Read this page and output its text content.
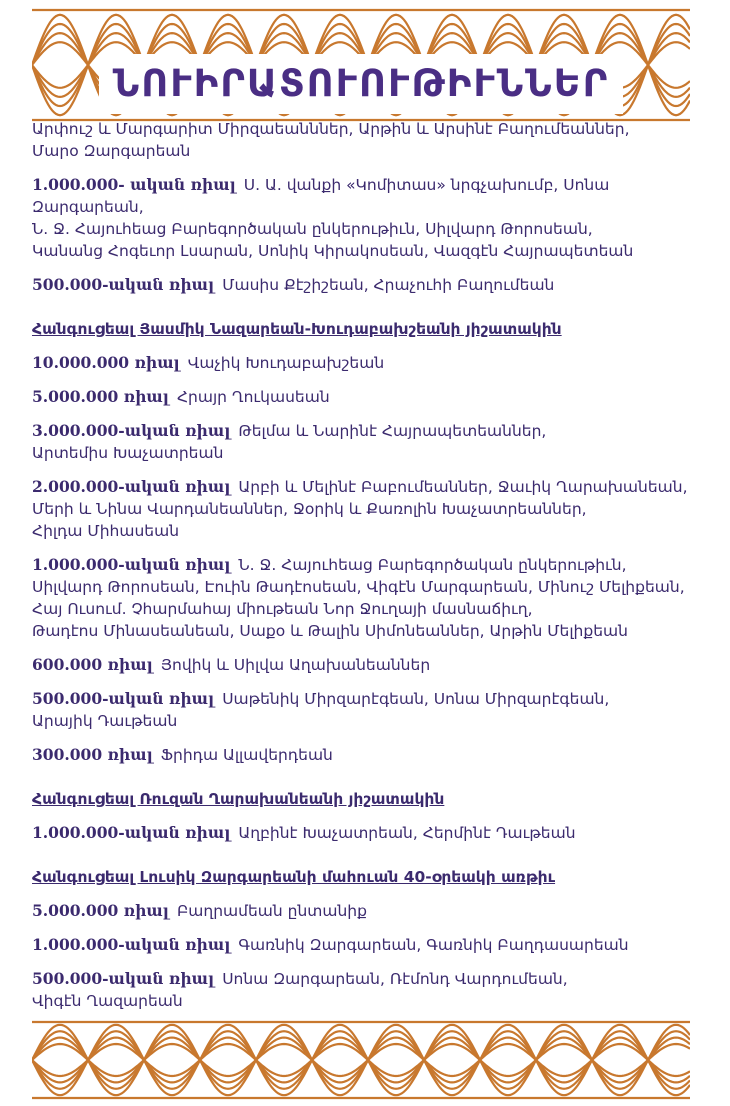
ՆՈՒԻՐԱՏՈՒՈՒԹԻՒՆՆԵՐ

Արփուշ և Մարգարիտ Միրզաեանններ, Արթին և Արսինէ Բաղումեաններ,
Մարօ Զարգարեան

1.000.000- ական ռիալ Ս. Ա. վանքի «Կոմիտաս» նրգչախումբ, Սոնա Զարգարեան,
Ն. Ջ. Հայուհեաց Բարեգործական ընկերութիւն, Սիլվարդ Թորոսեան,
Կանանց Հոգեւոր Լսարան, Սոնիկ Կիրակոսեան, Վազգէն Հայրապետեան

500.000-ական ռիալ Մասիս Քէշիշեան, Հրաչուհի Բաղումեան

Հանգուցեալ Յասմիկ Նազարեան-Խուդաբախշեանի յիշատակին

10.000.000 ռիալ Վաչիկ Խուդաբախշեան

5.000.000 ռիալ Հրայր Ղուկասեան

3.000.000-ական ռիալ Թելմա և Նարինէ Հայրապետեաններ,
Արտեմիս Խաչատրեան

2.000.000-ական ռիալ Արբի և Մելինէ Բաբումեաններ, Ջաւիկ Ղարախանեան,
Մերի և Նինա Վարդանեաններ, Ջօրիկ և Քառոլին Խաչատրեաններ,
Հիլդա Միհասեան

1.000.000-ական ռիալ Ն. Ջ. Հայուհեաց Բարեգործական ընկերութիւն,
Սիլվարդ Թորոսեան, Էուին Թադէոսեան, Վիգէն Մարգարեան, Մինուշ Մելիքեան,
Հայ Ուսում. Չհարմահայ միութեան Նոր Ջուղայի մասնաճիւղ,
Թադէոս Մինասեանեան, Սաքօ և Թալին Սիմոնեաններ, Արթին Մելիքեան

600.000 ռիալ Յովիկ և Սիլվա Աղախանեաններ

500.000-ական ռիալ Սաթենիկ Միրզարէգեան, Սոնա Միրզարէգեան,
Արայիկ Դաւթեան

300.000 ռիալ Ֆրիդա Ալլավերդեան

Հանգուցեալ Ռուզան Ղարախանեանի յիշատակին

1.000.000-ական ռիալ Աղբինէ Խաչատրեան, Հերմինէ Դաւթեան

Հանգուցեալ Լուսիկ Զարգարեանի մահուան 40-օրեակի առթիւ

5.000.000 ռիալ Բաղրամեան ընտանիք

1.000.000-ական ռիալ Գառնիկ Զարգարեան, Գառնիկ Բաղդասարեան

500.000-ական ռիալ Սոնա Զարգարեան, Ռէմոնդ Վարդումեան,
Վիգէն Ղազարեան
